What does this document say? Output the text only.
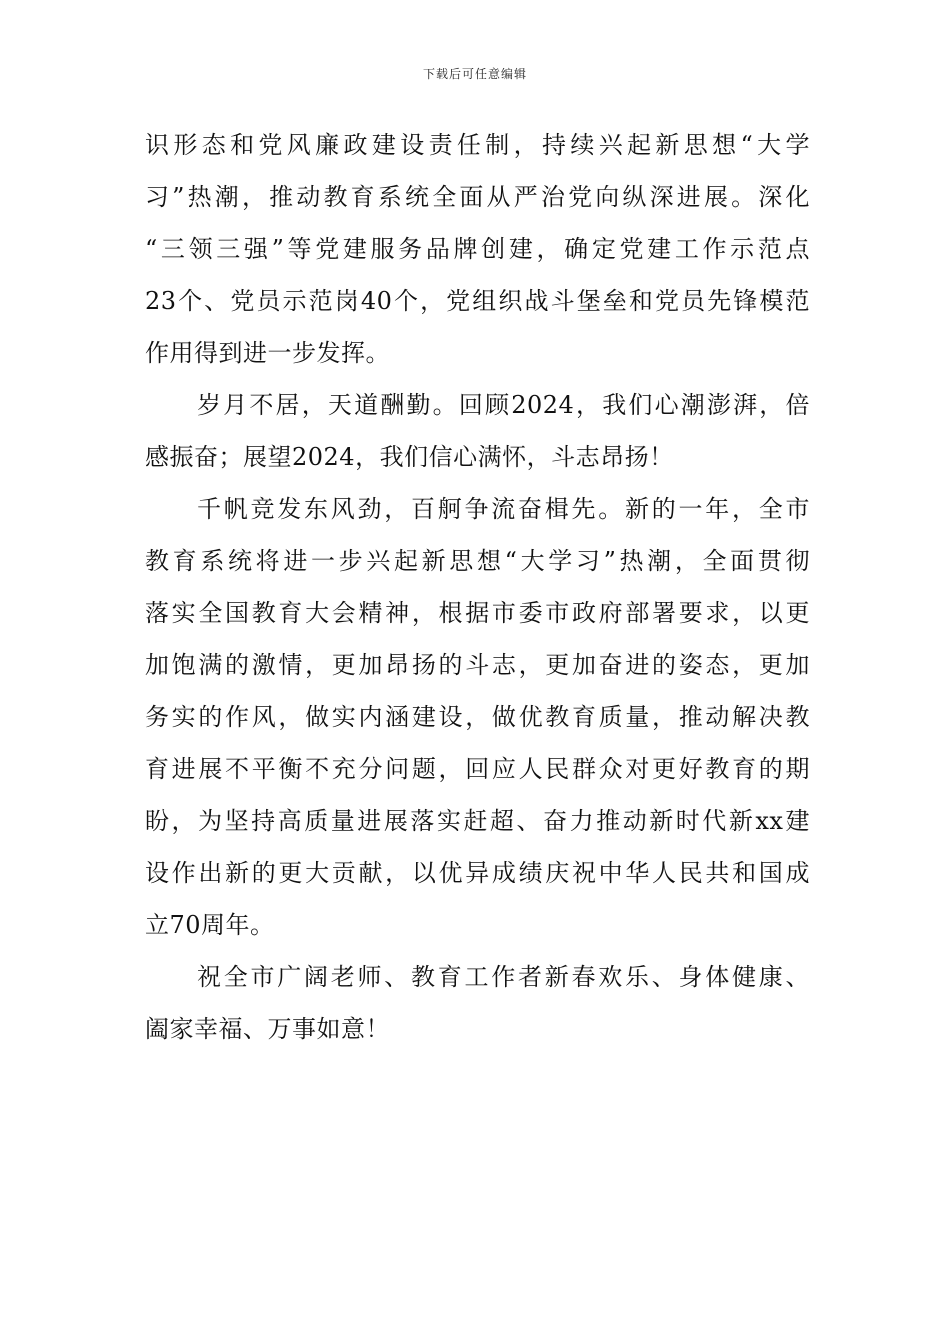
下载后可任意编辑
识形态和党风廉政建设责任制，持续兴起新思想“大学
习”热潮，推动教育系统全面从严治党向纵深进展。深化
“三领三强”等党建服务品牌创建，确定党建工作示范点
23个、党员示范岗40个，党组织战斗堡垒和党员先锋模范
作用得到进一步发挥。
岁月不居，天道酬勤。回顾2024，我们心潮澎湃，倍
感振奋；展望2024，我们信心满怀，斗志昂扬！
千帆竞发东风劲，百舸争流奋楫先。新的一年，全市
教育系统将进一步兴起新思想“大学习”热潮，全面贯彻
落实全国教育大会精神，根据市委市政府部署要求，以更
加饱满的激情，更加昂扬的斗志，更加奋进的姿态，更加
务实的作风，做实内涵建设，做优教育质量，推动解决教
育进展不平衡不充分问题，回应人民群众对更好教育的期
盼，为坚持高质量进展落实赶超、奋力推动新时代新xx建
设作出新的更大贡献，以优异成绩庆祝中华人民共和国成
立70周年。
祝全市广阔老师、教育工作者新春欢乐、身体健康、
阖家幸福、万事如意！
